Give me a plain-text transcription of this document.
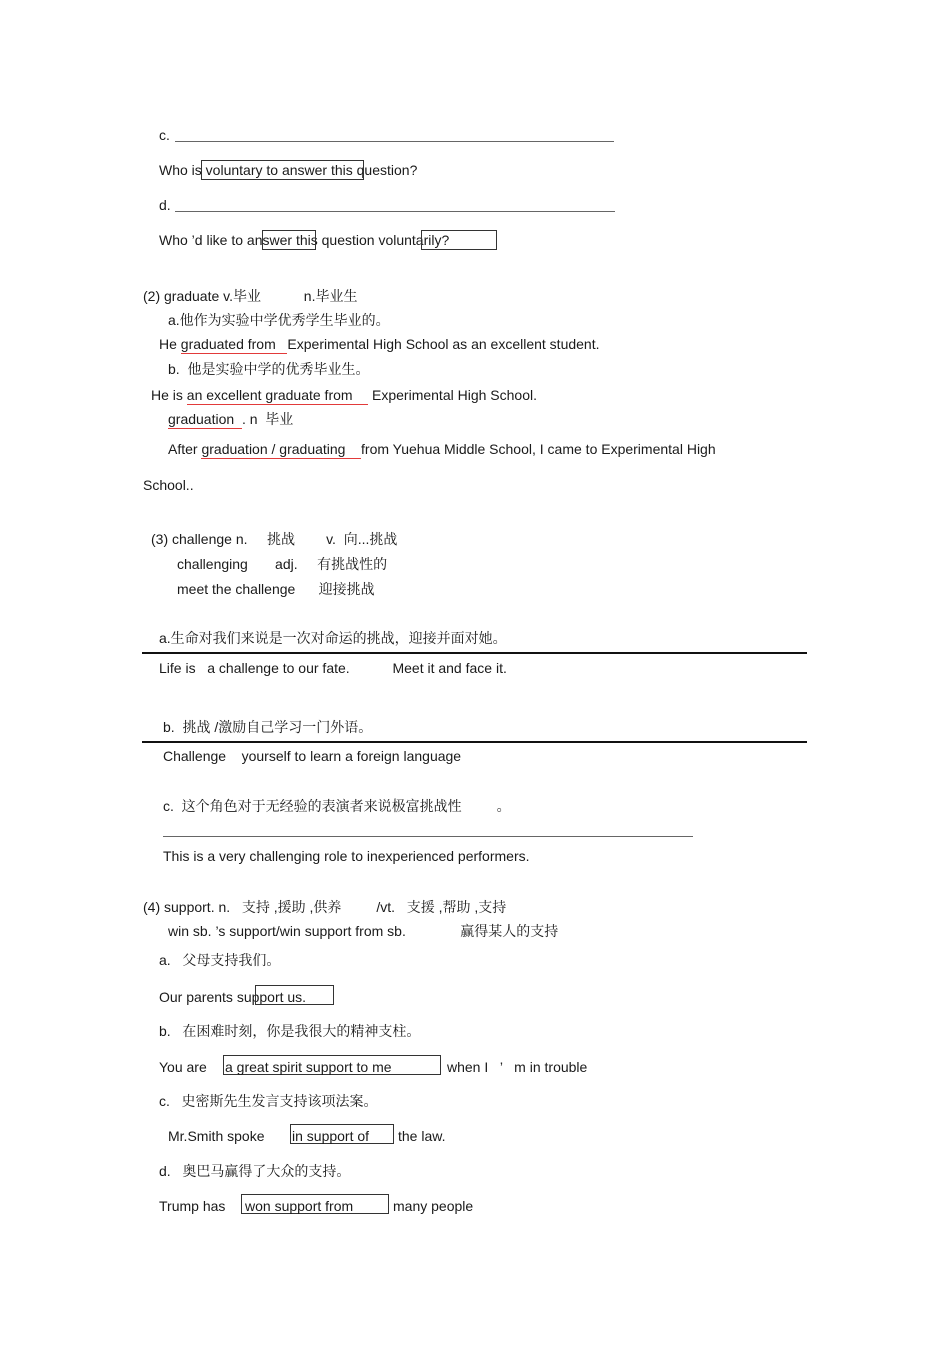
c.
Who is voluntary to answer this question?
d.
Who ’d like to answer this question voluntarily?
(2) graduate v.毕业           n.毕业生
a.他作为实验中学优秀学生毕业的。
He graduated from   Experimental High School as an excellent student.
b.  他是实验中学的优秀毕业生。
He is an excellent graduate from     Experimental High School.
graduation  . n  毕业
After graduation / graduating    from Yuehua Middle School, I came to Experimental High
School..
(3) challenge n.     挑战        v.  向...挑战
challenging       adj.     有挑战性的
meet the challenge      迎接挑战
a.生命对我们来说是一次对命运的挑战，迎接并面对她。
Life is   a challenge to our fate.           Meet it and face it.
b.  挑战 /激励自己学习一门外语。
Challenge    yourself to learn a foreign language
c.  这个角色对于无经验的表演者来说极富挑战性         。
This is a very challenging role to inexperienced performers.
(4) support. n.   支持 ,援助 ,供养         /vt.   支援 ,帮助 ,支持
win sb. ’s support/win support from sb.              赢得某人的支持
a.   父母支持我们。
Our parents support us.
b.   在困难时刻，你是我很大的精神支柱。
You are a great spirit support to me	when I   ’   m in trouble
c.   史密斯先生发言支持该项法案。
Mr.Smith spoke in support of the law.
d.   奥巴马赢得了大众的支持。
Trump has won support from	many people
